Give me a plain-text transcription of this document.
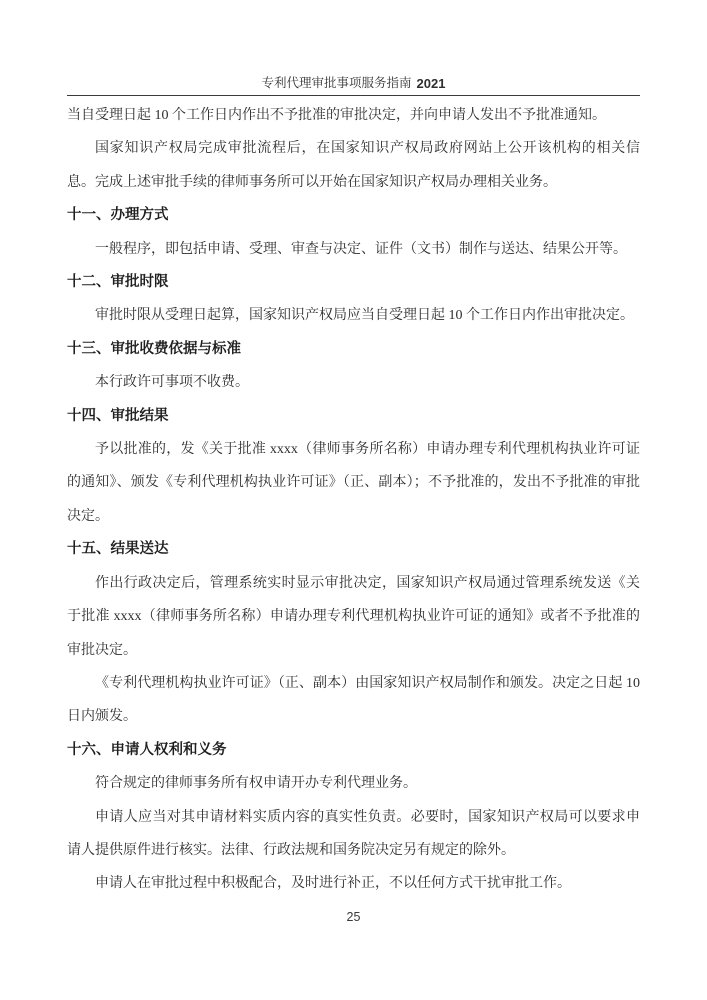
专利代理审批事项服务指南 2021

当自受理日起 10 个工作日内作出不予批准的审批决定，并向申请人发出不予批准通知。

国家知识产权局完成审批流程后，在国家知识产权局政府网站上公开该机构的相关信息。完成上述审批手续的律师事务所可以开始在国家知识产权局办理相关业务。

十一、办理方式

一般程序，即包括申请、受理、审查与决定、证件（文书）制作与送达、结果公开等。

十二、审批时限

审批时限从受理日起算，国家知识产权局应当自受理日起 10 个工作日内作出审批决定。

十三、审批收费依据与标准

本行政许可事项不收费。

十四、审批结果

予以批准的，发《关于批准 xxxx（律师事务所名称）申请办理专利代理机构执业许可证的通知》、颁发《专利代理机构执业许可证》（正、副本）；不予批准的，发出不予批准的审批决定。

十五、结果送达

作出行政决定后，管理系统实时显示审批决定，国家知识产权局通过管理系统发送《关于批准 xxxx（律师事务所名称）申请办理专利代理机构执业许可证的通知》或者不予批准的审批决定。

《专利代理机构执业许可证》（正、副本）由国家知识产权局制作和颁发。决定之日起 10 日内颁发。

十六、申请人权利和义务

符合规定的律师事务所有权申请开办专利代理业务。

申请人应当对其申请材料实质内容的真实性负责。必要时，国家知识产权局可以要求申请人提供原件进行核实。法律、行政法规和国务院决定另有规定的除外。

申请人在审批过程中积极配合，及时进行补正，不以任何方式干扰审批工作。

25
